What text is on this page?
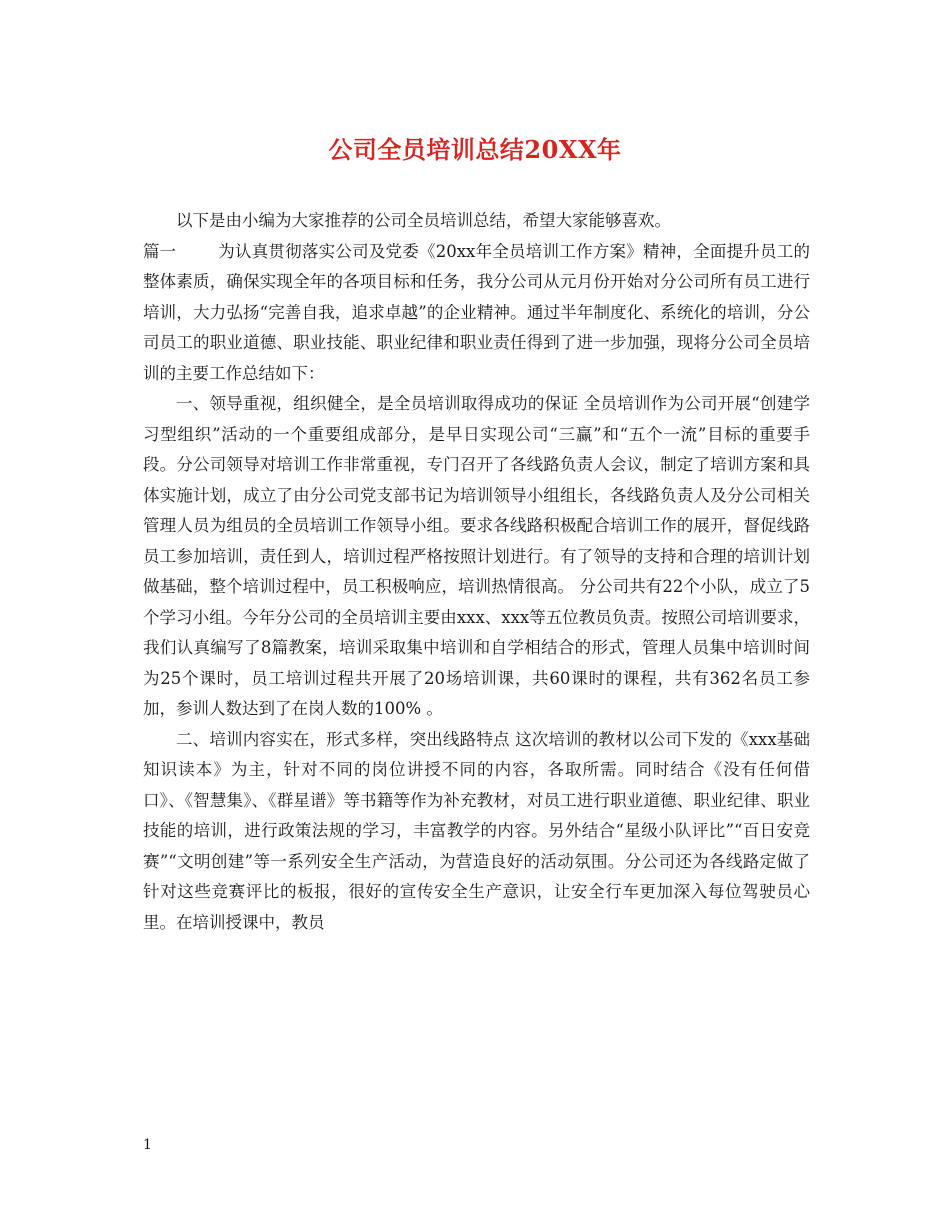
公司全员培训总结20XX年

以下是由小编为大家推荐的公司全员培训总结，希望大家能够喜欢。

篇一	为认真贯彻落实公司及党委《20xx年全员培训工作方案》精神，全面提升员工的整体素质，确保实现全年的各项目标和任务，我分公司从元月份开始对分公司所有员工进行培训，大力弘扬“完善自我，追求卓越”的企业精神。通过半年制度化、系统化的培训，分公司员工的职业道德、职业技能、职业纪律和职业责任得到了进一步加强，现将分公司全员培训的主要工作总结如下：

一、领导重视，组织健全，是全员培训取得成功的保证 全员培训作为公司开展“创建学习型组织”活动的一个重要组成部分，是早日实现公司“三赢”和“五个一流”目标的重要手段。分公司领导对培训工作非常重视，专门召开了各线路负责人会议，制定了培训方案和具体实施计划，成立了由分公司党支部书记为培训领导小组组长，各线路负责人及分公司相关管理人员为组员的全员培训工作领导小组。要求各线路积极配合培训工作的展开，督促线路员工参加培训，责任到人，培训过程严格按照计划进行。有了领导的支持和合理的培训计划做基础，整个培训过程中，员工积极响应，培训热情很高。 分公司共有22个小队，成立了5个学习小组。今年分公司的全员培训主要由xxx、xxx等五位教员负责。按照公司培训要求，我们认真编写了8篇教案，培训采取集中培训和自学相结合的形式，管理人员集中培训时间为25个课时，员工培训过程共开展了20场培训课，共60课时的课程，共有362名员工参加，参训人数达到了在岗人数的100% 。

二、培训内容实在，形式多样，突出线路特点 这次培训的教材以公司下发的《xxx基础知识读本》为主，针对不同的岗位讲授不同的内容，各取所需。同时结合《没有任何借口》、《智慧集》、《群星谱》等书籍等作为补充教材，对员工进行职业道德、职业纪律、职业技能的培训，进行政策法规的学习，丰富教学的内容。另外结合“星级小队评比”“百日安竞赛”“文明创建”等一系列安全生产活动，为营造良好的活动氛围。分公司还为各线路定做了针对这些竞赛评比的板报，很好的宣传安全生产意识，让安全行车更加深入每位驾驶员心里。在培训授课中，教员

1
